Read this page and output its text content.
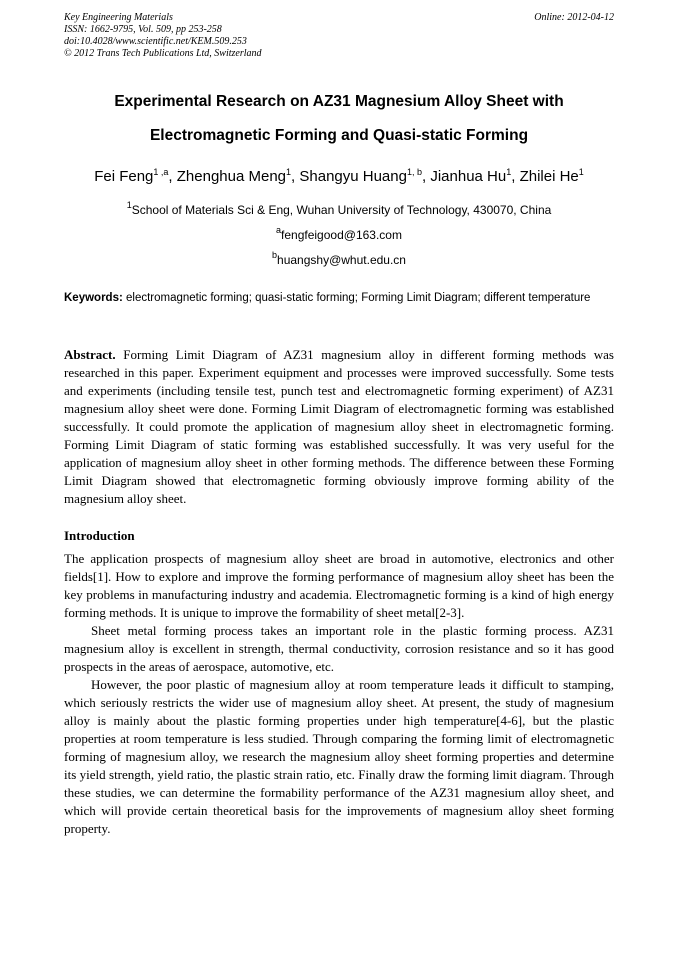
Key Engineering Materials
ISSN: 1662-9795, Vol. 509, pp 253-258
doi:10.4028/www.scientific.net/KEM.509.253
© 2012 Trans Tech Publications Ltd, Switzerland
Online: 2012-04-12
Experimental Research on AZ31 Magnesium Alloy Sheet with
Electromagnetic Forming and Quasi-static Forming
Fei Feng$^{1 ,a}$, Zhenghua Meng$^1$, Shangyu Huang$^{1, b}$, Jianhua Hu$^1$, Zhilei He$^1$
$^1$School of Materials Sci & Eng, Wuhan University of Technology, 430070, China
$^a$fengfeigood@163.com
$^b$huangshy@whut.edu.cn
Keywords: electromagnetic forming; quasi-static forming; Forming Limit Diagram; different temperature
Abstract. Forming Limit Diagram of AZ31 magnesium alloy in different forming methods was researched in this paper. Experiment equipment and processes were improved successfully. Some tests and experiments (including tensile test, punch test and electromagnetic forming experiment) of AZ31 magnesium alloy sheet were done. Forming Limit Diagram of electromagnetic forming was established successfully. It could promote the application of magnesium alloy sheet in electromagnetic forming. Forming Limit Diagram of static forming was established successfully. It was very useful for the application of magnesium alloy sheet in other forming methods. The difference between these Forming Limit Diagram showed that electromagnetic forming obviously improve forming ability of the magnesium alloy sheet.
Introduction

The application prospects of magnesium alloy sheet are broad in automotive, electronics and other fields[1]. How to explore and improve the forming performance of magnesium alloy sheet has been the key problems in manufacturing industry and academia. Electromagnetic forming is a kind of high energy forming methods. It is unique to improve the formability of sheet metal[2-3].

Sheet metal forming process takes an important role in the plastic forming process. AZ31 magnesium alloy is excellent in strength, thermal conductivity, corrosion resistance and so it has good prospects in the areas of aerospace, automotive, etc.

However, the poor plastic of magnesium alloy at room temperature leads it difficult to stamping, which seriously restricts the wider use of magnesium alloy sheet. At present, the study of magnesium alloy is mainly about the plastic forming properties under high temperature[4-6], but the plastic properties at room temperature is less studied. Through comparing the forming limit of electromagnetic forming of magnesium alloy, we research the magnesium alloy sheet forming properties and determine its yield strength, yield ratio, the plastic strain ratio, etc. Finally draw the forming limit diagram. Through these studies, we can determine the formability performance of the AZ31 magnesium alloy sheet, and which will provide certain theoretical basis for the improvements of magnesium alloy sheet forming property.
